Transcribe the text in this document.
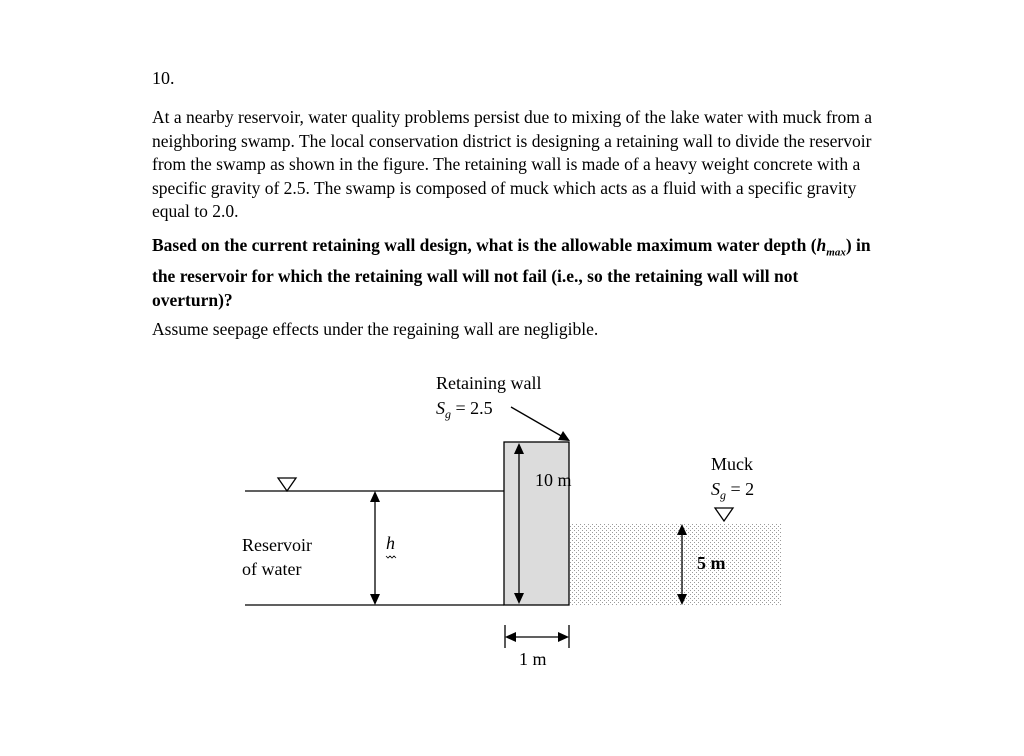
10.
At a nearby reservoir, water quality problems persist due to mixing of the lake water with muck from a neighboring swamp. The local conservation district is designing a retaining wall to divide the reservoir from the swamp as shown in the figure. The retaining wall is made of a heavy weight concrete with a specific gravity of 2.5. The swamp is composed of muck which acts as a fluid with a specific gravity equal to 2.0.
Based on the current retaining wall design, what is the allowable maximum water depth $(h_{max})$ in the reservoir for which the retaining wall will not fail (i.e., so the retaining wall will not overturn)?
Assume seepage effects under the regaining wall are negligible.
Retaining wall
$S_g = 2.5$
Muck
$S_g = 2$
Reservoir
of water
h
10 m
5 m
1 m
